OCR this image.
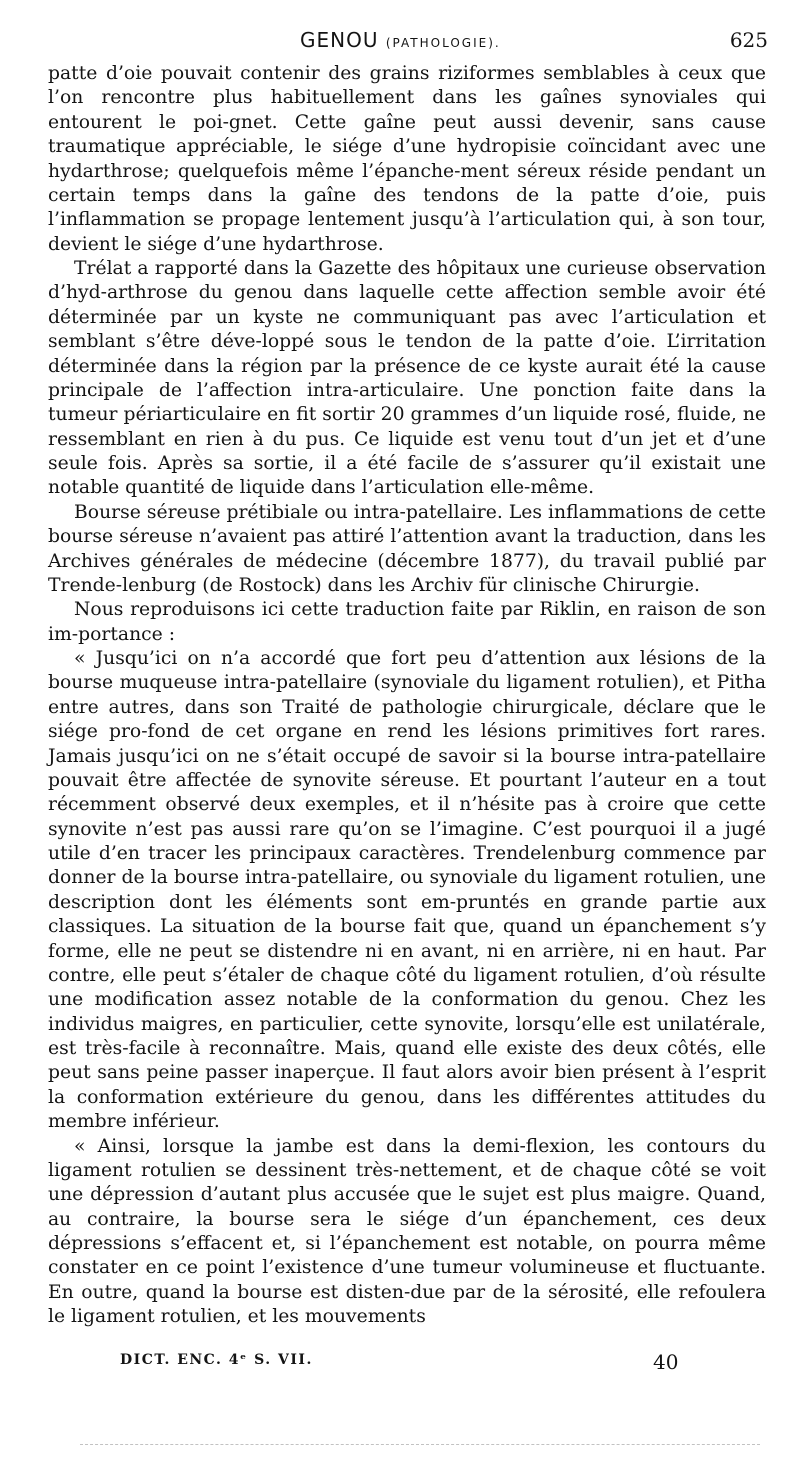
GENOU (PATHOLOGIE).	625

patte d’oie pouvait contenir des grains riziformes semblables à ceux que l’on rencontre plus habituellement dans les gaînes synoviales qui entourent le poi-gnet. Cette gaîne peut aussi devenir, sans cause traumatique appréciable, le siége d’une hydropisie coïncidant avec une hydarthrose; quelquefois même l’épanche-ment séreux réside pendant un certain temps dans la gaîne des tendons de la patte d’oie, puis l’inflammation se propage lentement jusqu’à l’articulation qui, à son tour, devient le siége d’une hydarthrose.

Trélat a rapporté dans la Gazette des hôpitaux une curieuse observation d’hyd-arthrose du genou dans laquelle cette affection semble avoir été déterminée par un kyste ne communiquant pas avec l’articulation et semblant s’être déve-loppé sous le tendon de la patte d’oie. L’irritation déterminée dans la région par la présence de ce kyste aurait été la cause principale de l’affection intra-articulaire. Une ponction faite dans la tumeur périarticulaire en fit sortir 20 grammes d’un liquide rosé, fluide, ne ressemblant en rien à du pus. Ce liquide est venu tout d’un jet et d’une seule fois. Après sa sortie, il a été facile de s’assurer qu’il existait une notable quantité de liquide dans l’articulation elle-même.

Bourse séreuse prétibiale ou intra-patellaire. Les inflammations de cette bourse séreuse n’avaient pas attiré l’attention avant la traduction, dans les Archives générales de médecine (décembre 1877), du travail publié par Trende-lenburg (de Rostock) dans les Archiv für clinische Chirurgie.

Nous reproduisons ici cette traduction faite par Riklin, en raison de son im-portance :

« Jusqu’ici on n’a accordé que fort peu d’attention aux lésions de la bourse muqueuse intra-patellaire (synoviale du ligament rotulien), et Pitha entre autres, dans son Traité de pathologie chirurgicale, déclare que le siége pro-fond de cet organe en rend les lésions primitives fort rares. Jamais jusqu’ici on ne s’était occupé de savoir si la bourse intra-patellaire pouvait être affectée de synovite séreuse. Et pourtant l’auteur en a tout récemment observé deux exemples, et il n’hésite pas à croire que cette synovite n’est pas aussi rare qu’on se l’imagine. C’est pourquoi il a jugé utile d’en tracer les principaux caractères. Trendelenburg commence par donner de la bourse intra-patellaire, ou synoviale du ligament rotulien, une description dont les éléments sont em-pruntés en grande partie aux classiques. La situation de la bourse fait que, quand un épanchement s’y forme, elle ne peut se distendre ni en avant, ni en arrière, ni en haut. Par contre, elle peut s’étaler de chaque côté du ligament rotulien, d’où résulte une modification assez notable de la conformation du genou. Chez les individus maigres, en particulier, cette synovite, lorsqu’elle est unilatérale, est très-facile à reconnaître. Mais, quand elle existe des deux côtés, elle peut sans peine passer inaperçue. Il faut alors avoir bien présent à l’esprit la conformation extérieure du genou, dans les différentes attitudes du membre inférieur.

« Ainsi, lorsque la jambe est dans la demi-flexion, les contours du ligament rotulien se dessinent très-nettement, et de chaque côté se voit une dépression d’autant plus accusée que le sujet est plus maigre. Quand, au contraire, la bourse sera le siége d’un épanchement, ces deux dépressions s’effacent et, si l’épanchement est notable, on pourra même constater en ce point l’existence d’une tumeur volumineuse et fluctuante. En outre, quand la bourse est disten-due par de la sérosité, elle refoulera le ligament rotulien, et les mouvements

DICT. ENC. 4ᵉ S. VII.	40
